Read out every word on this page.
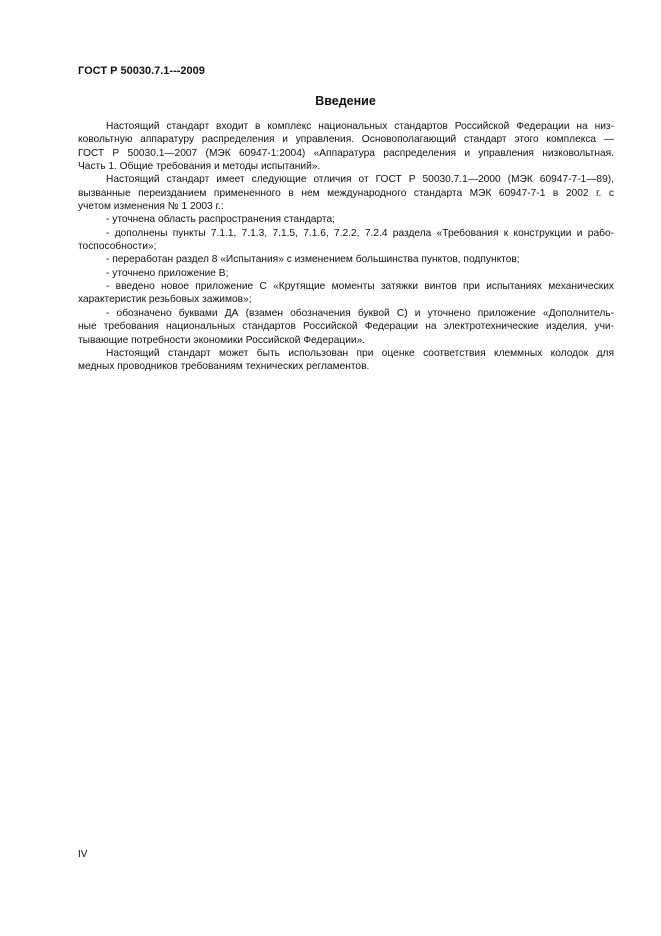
ГОСТ Р 50030.7.1---2009
Введение
Настоящий стандарт входит в комплекс национальных стандартов Российской Федерации на низ-
ковольтную аппаратуру распределения и управления. Основополагающий стандарт этого комплекса —
ГОСТ Р 50030.1—2007 (МЭК 60947-1:2004) «Аппаратура распределения и управления низковольтная.
Часть 1. Общие требования и методы испытаний».
Настоящий стандарт имеет следующие отличия от ГОСТ Р 50030.7.1—2000 (МЭК 60947-7-1—89),
вызванные переизданием примененного в нем международного стандарта МЭК 60947-7-1 в 2002 г. с
учетом изменения № 1 2003 г.:
- уточнена область распространения стандарта;
- дополнены пункты 7.1.1, 7.1.3, 7.1.5, 7.1.6, 7.2.2, 7.2.4 раздела «Требования к конструкции и рабо-
тоспособности»;
- переработан раздел 8 «Испытания» с изменением большинства пунктов, подпунктов;
- уточнено приложение В;
- введено новое приложение С «Крутящие моменты затяжки винтов при испытаниях механических
характеристик резьбовых зажимов»;
- обозначено буквами ДА (взамен обозначения буквой С) и уточнено приложение «Дополнитель-
ные требования национальных стандартов Российской Федерации на электротехнические изделия, учи-
тывающие потребности экономики Российской Федерации».
Настоящий стандарт может быть использован при оценке соответствия клеммных колодок для
медных проводников требованиям технических регламентов.
IV
